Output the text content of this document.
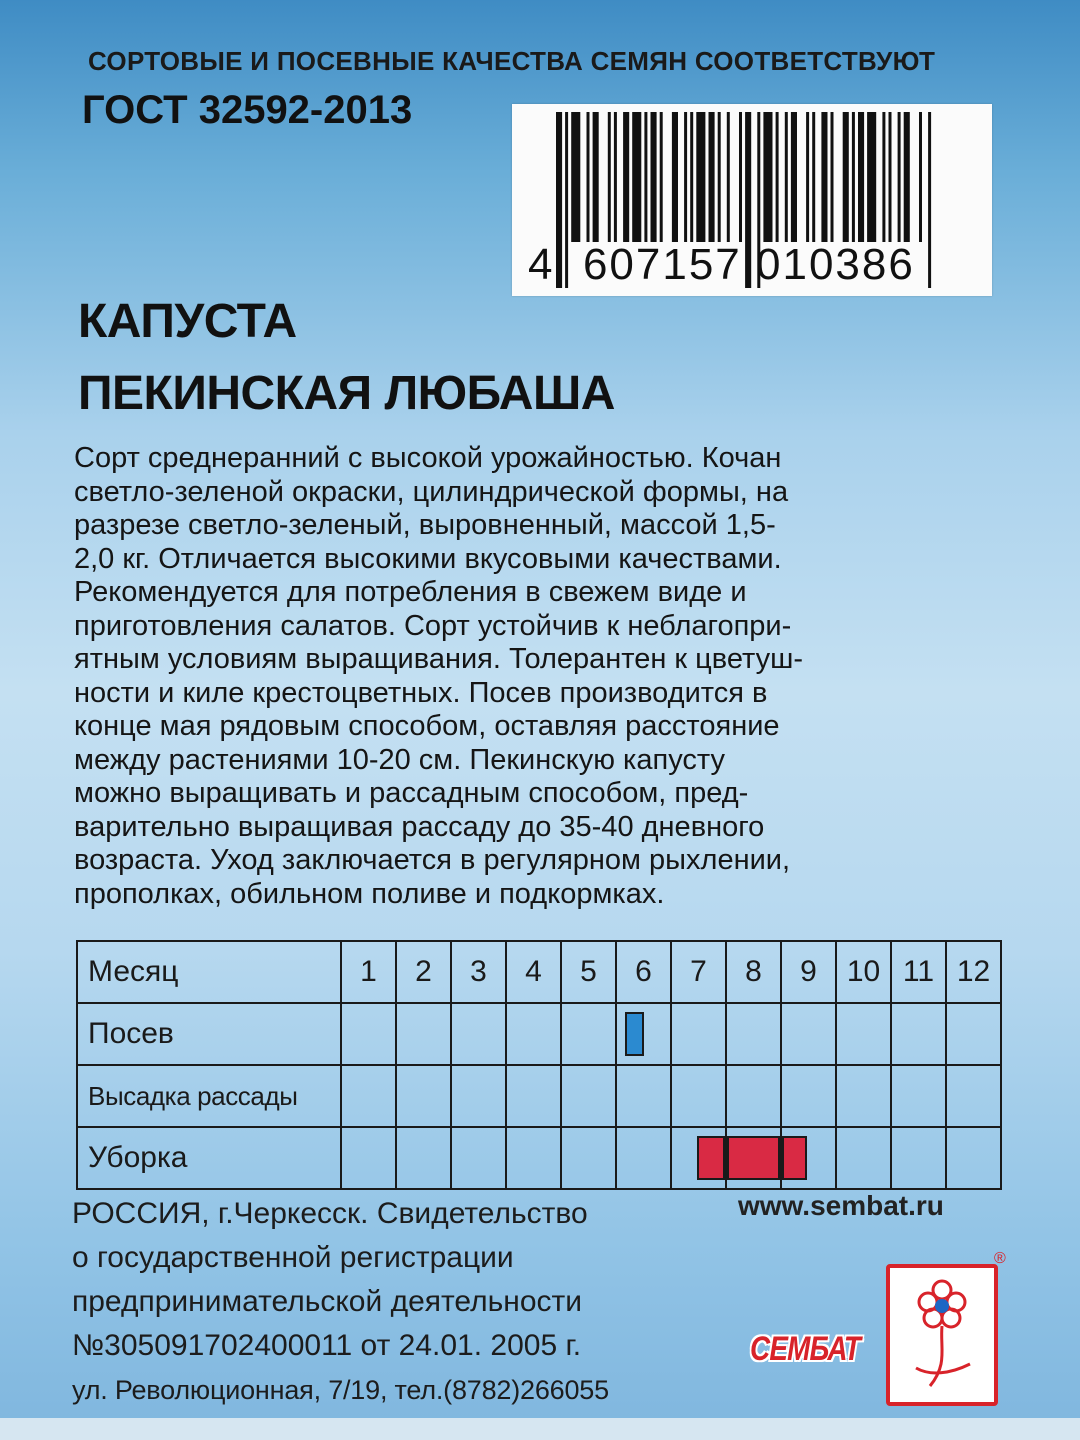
СОРТОВЫЕ И ПОСЕВНЫЕ КАЧЕСТВА СЕМЯН СООТВЕТСТВУЮТ
ГОСТ 32592-2013
4 607157 010386
КАПУСТА
ПЕКИНСКАЯ ЛЮБАША
Сорт среднеранний с высокой урожайностью. Кочан
светло-зеленой окраски, цилиндрической формы, на
разрезе светло-зеленый, выровненный, массой 1,5-
2,0 кг. Отличается высокими вкусовыми качествами.
Рекомендуется для потребления в свежем виде и
приготовления салатов. Сорт устойчив к неблагопри-
ятным условиям выращивания. Толерантен к цветуш-
ности и киле крестоцветных. Посев производится в
конце мая рядовым способом, оставляя расстояние
между растениями 10-20 см. Пекинскую капусту
можно выращивать и рассадным способом, пред-
варительно выращивая рассаду до 35-40 дневного
возраста. Уход заключается в регулярном рыхлении,
прополках, обильном поливе и подкормках.
Месяц	1	2	3	4	5	6	7	8	9	10	11	12
Посев						

Высадка рассады												
Уборка							

www.sembat.ru
РОССИЯ, г.Черкесск. Свидетельство
о государственной регистрации
предпринимательской деятельности
№305091702400011 от 24.01. 2005 г.
ул. Революционная, 7/19, тел.(8782)266055
®
СЕМБАТ
